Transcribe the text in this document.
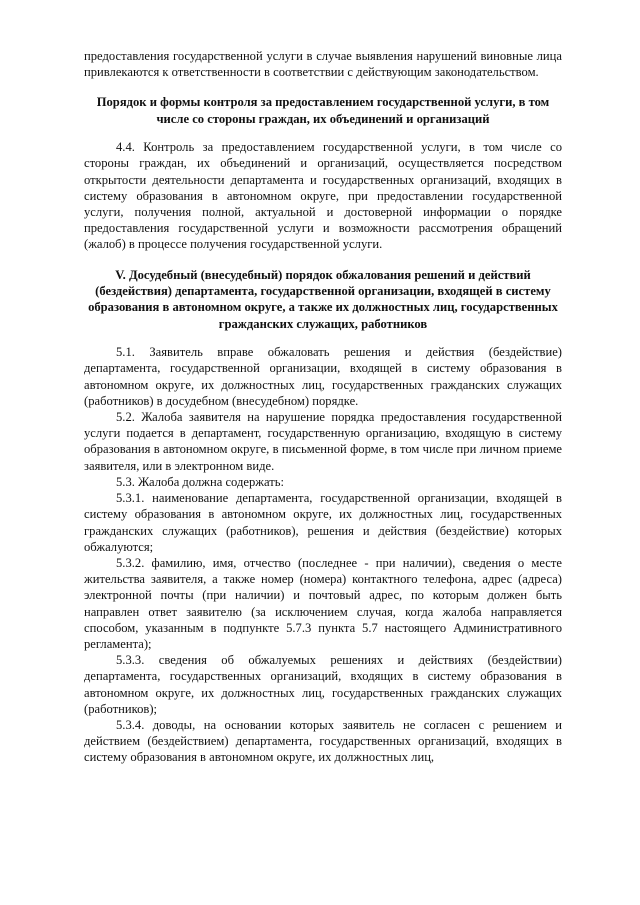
предоставления государственной услуги в случае выявления нарушений виновные лица привлекаются к ответственности в соответствии с действующим законодательством.

Порядок и формы контроля за предоставлением государственной услуги, в том числе со стороны граждан, их объединений и организаций

4.4. Контроль за предоставлением государственной услуги, в том числе со стороны граждан, их объединений и организаций, осуществляется посредством открытости деятельности департамента и государственных организаций, входящих в систему образования в автономном округе, при предоставлении государственной услуги, получения полной, актуальной и достоверной информации о порядке предоставления государственной услуги и возможности рассмотрения обращений (жалоб) в процессе получения государственной услуги.

V. Досудебный (внесудебный) порядок обжалования решений и действий (бездействия) департамента, государственной организации, входящей в систему образования в автономном округе, а также их должностных лиц, государственных гражданских служащих, работников

5.1. Заявитель вправе обжаловать решения и действия (бездействие) департамента, государственной организации, входящей в систему образования в автономном округе, их должностных лиц, государственных гражданских служащих (работников) в досудебном (внесудебном) порядке.

5.2. Жалоба заявителя на нарушение порядка предоставления государственной услуги подается в департамент, государственную организацию, входящую в систему образования в автономном округе, в письменной форме, в том числе при личном приеме заявителя, или в электронном виде.

5.3. Жалоба должна содержать:

5.3.1. наименование департамента, государственной организации, входящей в систему образования в автономном округе, их должностных лиц, государственных гражданских служащих (работников), решения и действия (бездействие) которых обжалуются;

5.3.2. фамилию, имя, отчество (последнее - при наличии), сведения о месте жительства заявителя, а также номер (номера) контактного телефона, адрес (адреса) электронной почты (при наличии) и почтовый адрес, по которым должен быть направлен ответ заявителю (за исключением случая, когда жалоба направляется способом, указанным в подпункте 5.7.3 пункта 5.7 настоящего Административного регламента);

5.3.3. сведения об обжалуемых решениях и действиях (бездействии) департамента, государственных организаций, входящих в систему образования в автономном округе, их должностных лиц, государственных гражданских служащих (работников);

5.3.4. доводы, на основании которых заявитель не согласен с решением и действием (бездействием) департамента, государственных организаций, входящих в систему образования в автономном округе, их должностных лиц,
